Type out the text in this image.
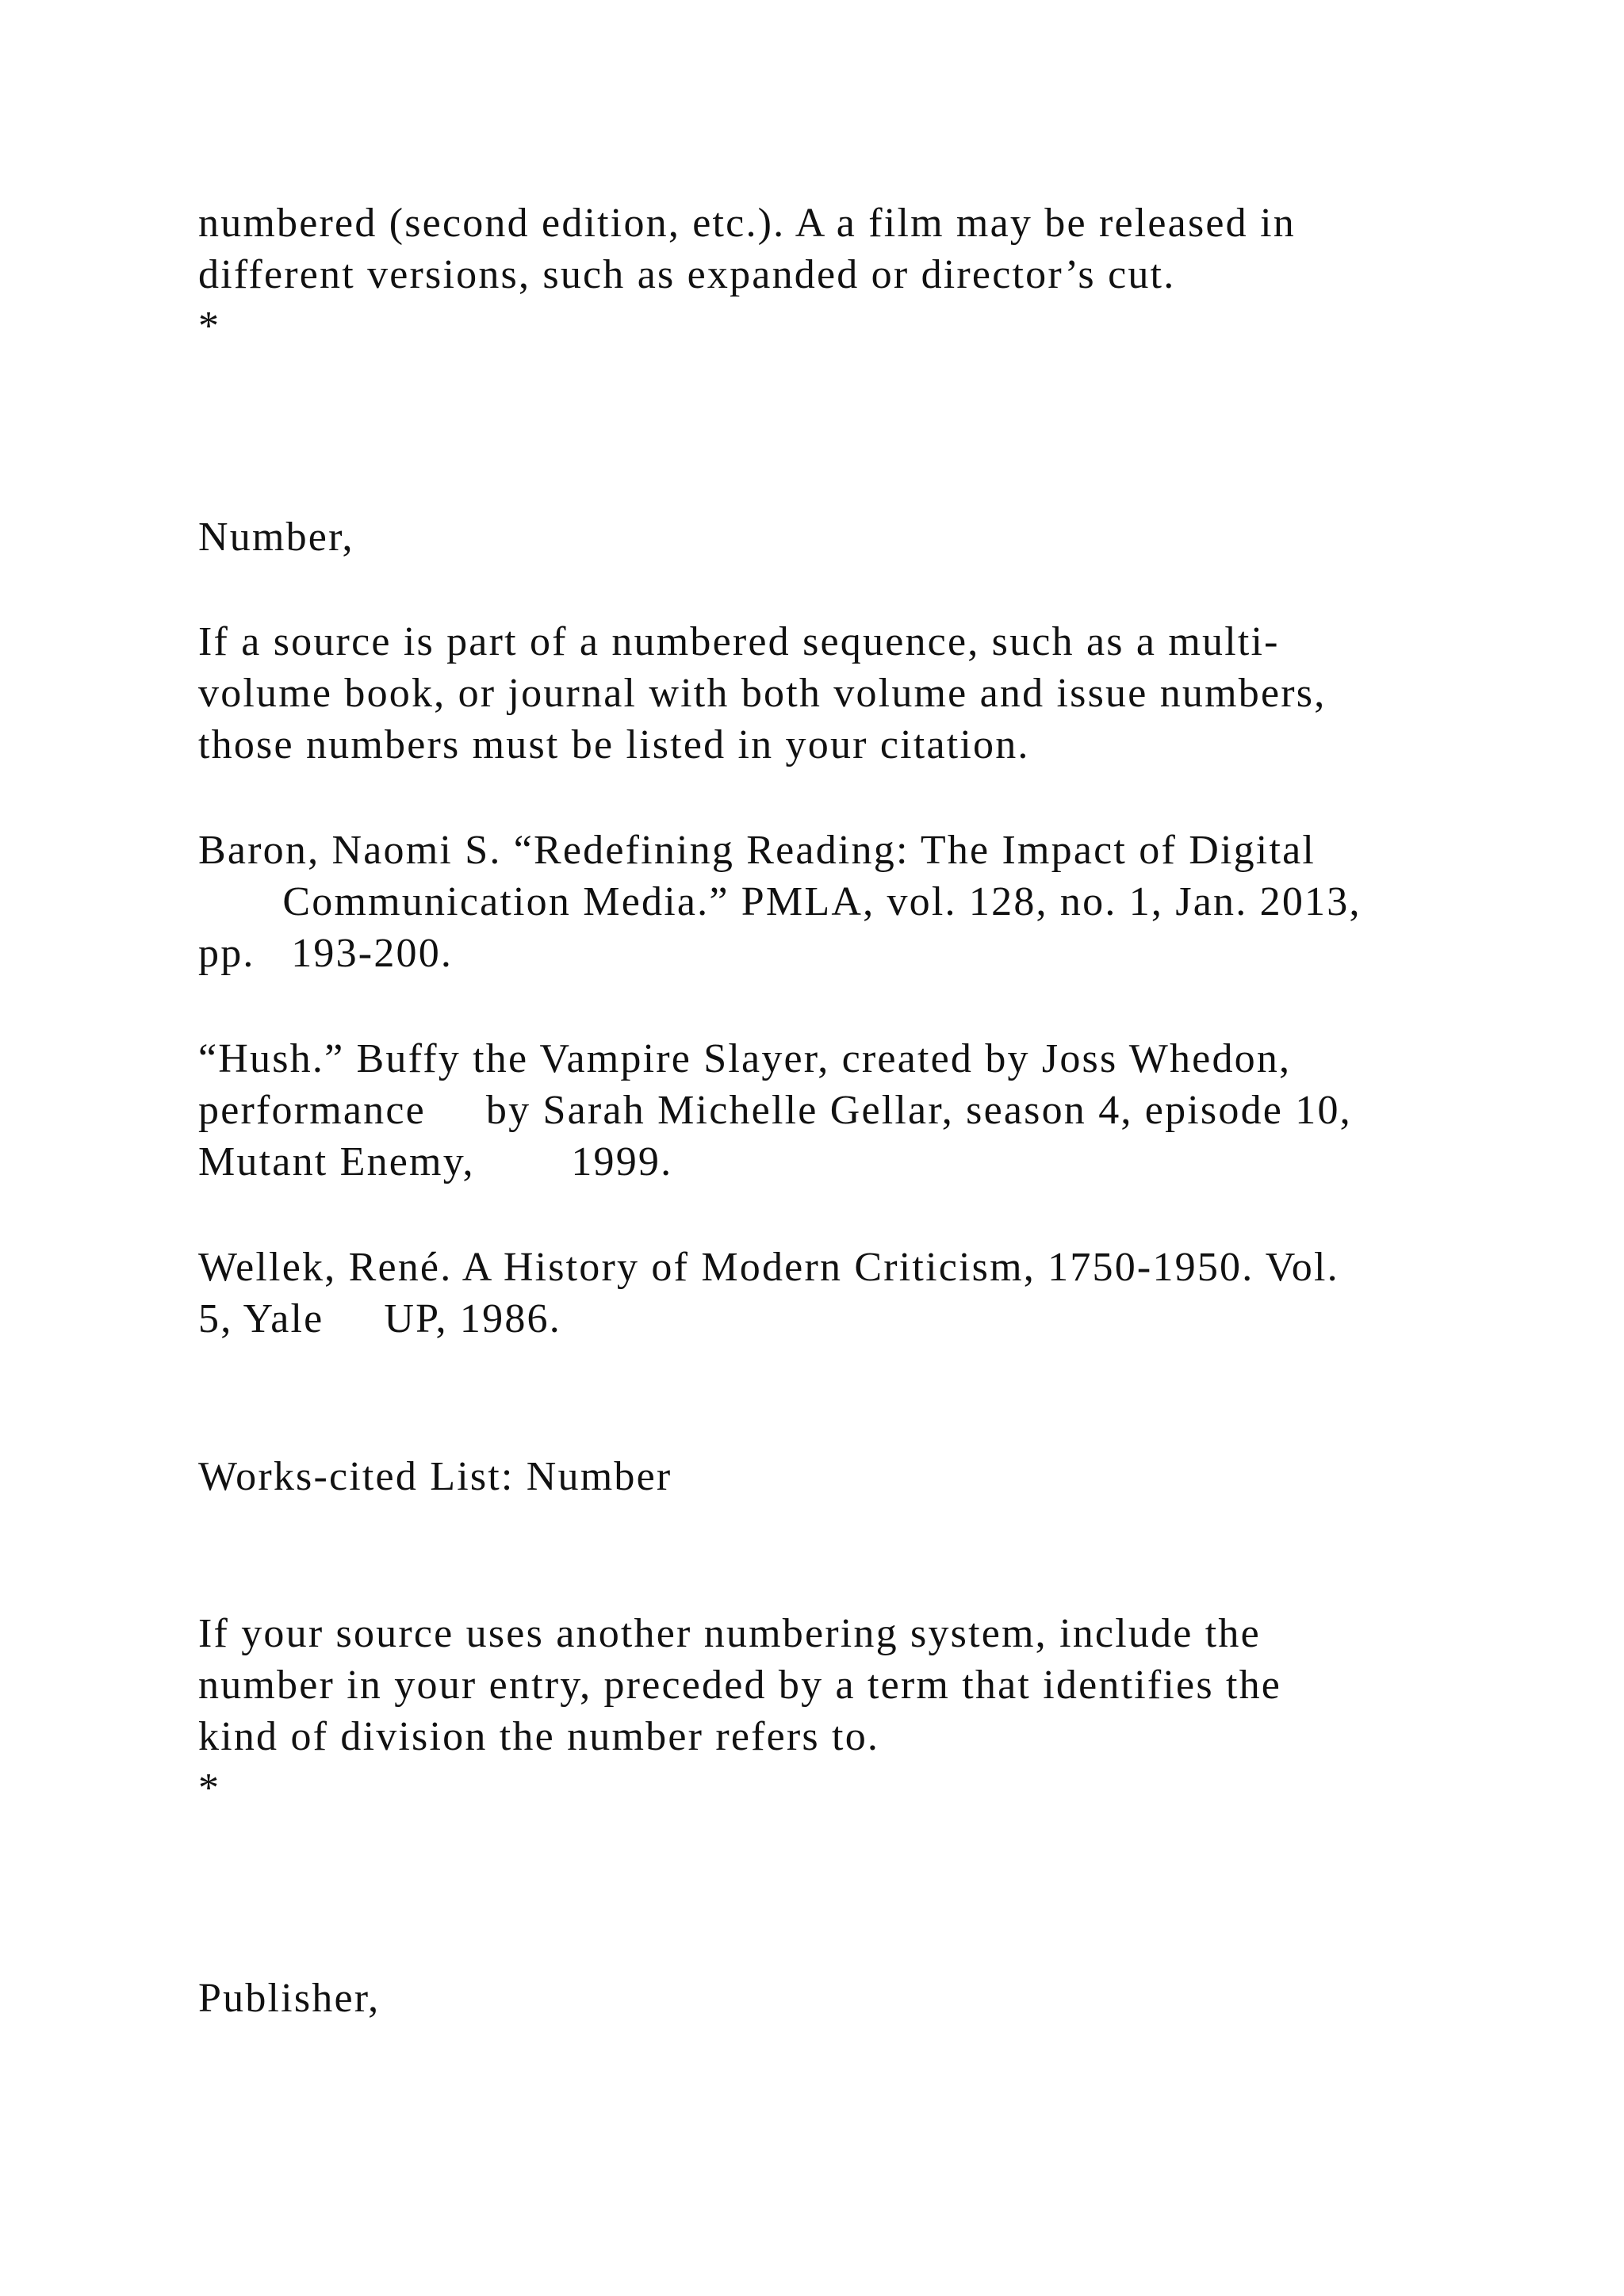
numbered (second edition, etc.). A a film may be released in
different versions, such as expanded or director’s cut.
*
Number,
If a source is part of a numbered sequence, such as a multi-
volume book, or journal with both volume and issue numbers,
those numbers must be listed in your citation.
Baron, Naomi S. “Redefining Reading: The Impact of Digital
Communication Media.” PMLA, vol. 128, no. 1, Jan. 2013,
pp.   193-200.
“Hush.” Buffy the Vampire Slayer, created by Joss Whedon,
performance     by Sarah Michelle Gellar, season 4, episode 10,
Mutant Enemy,        1999.
Wellek, René. A History of Modern Criticism, 1750-1950. Vol.
5, Yale     UP, 1986.
Works-cited List: Number
If your source uses another numbering system, include the
number in your entry, preceded by a term that identifies the
kind of division the number refers to.
*
Publisher,
